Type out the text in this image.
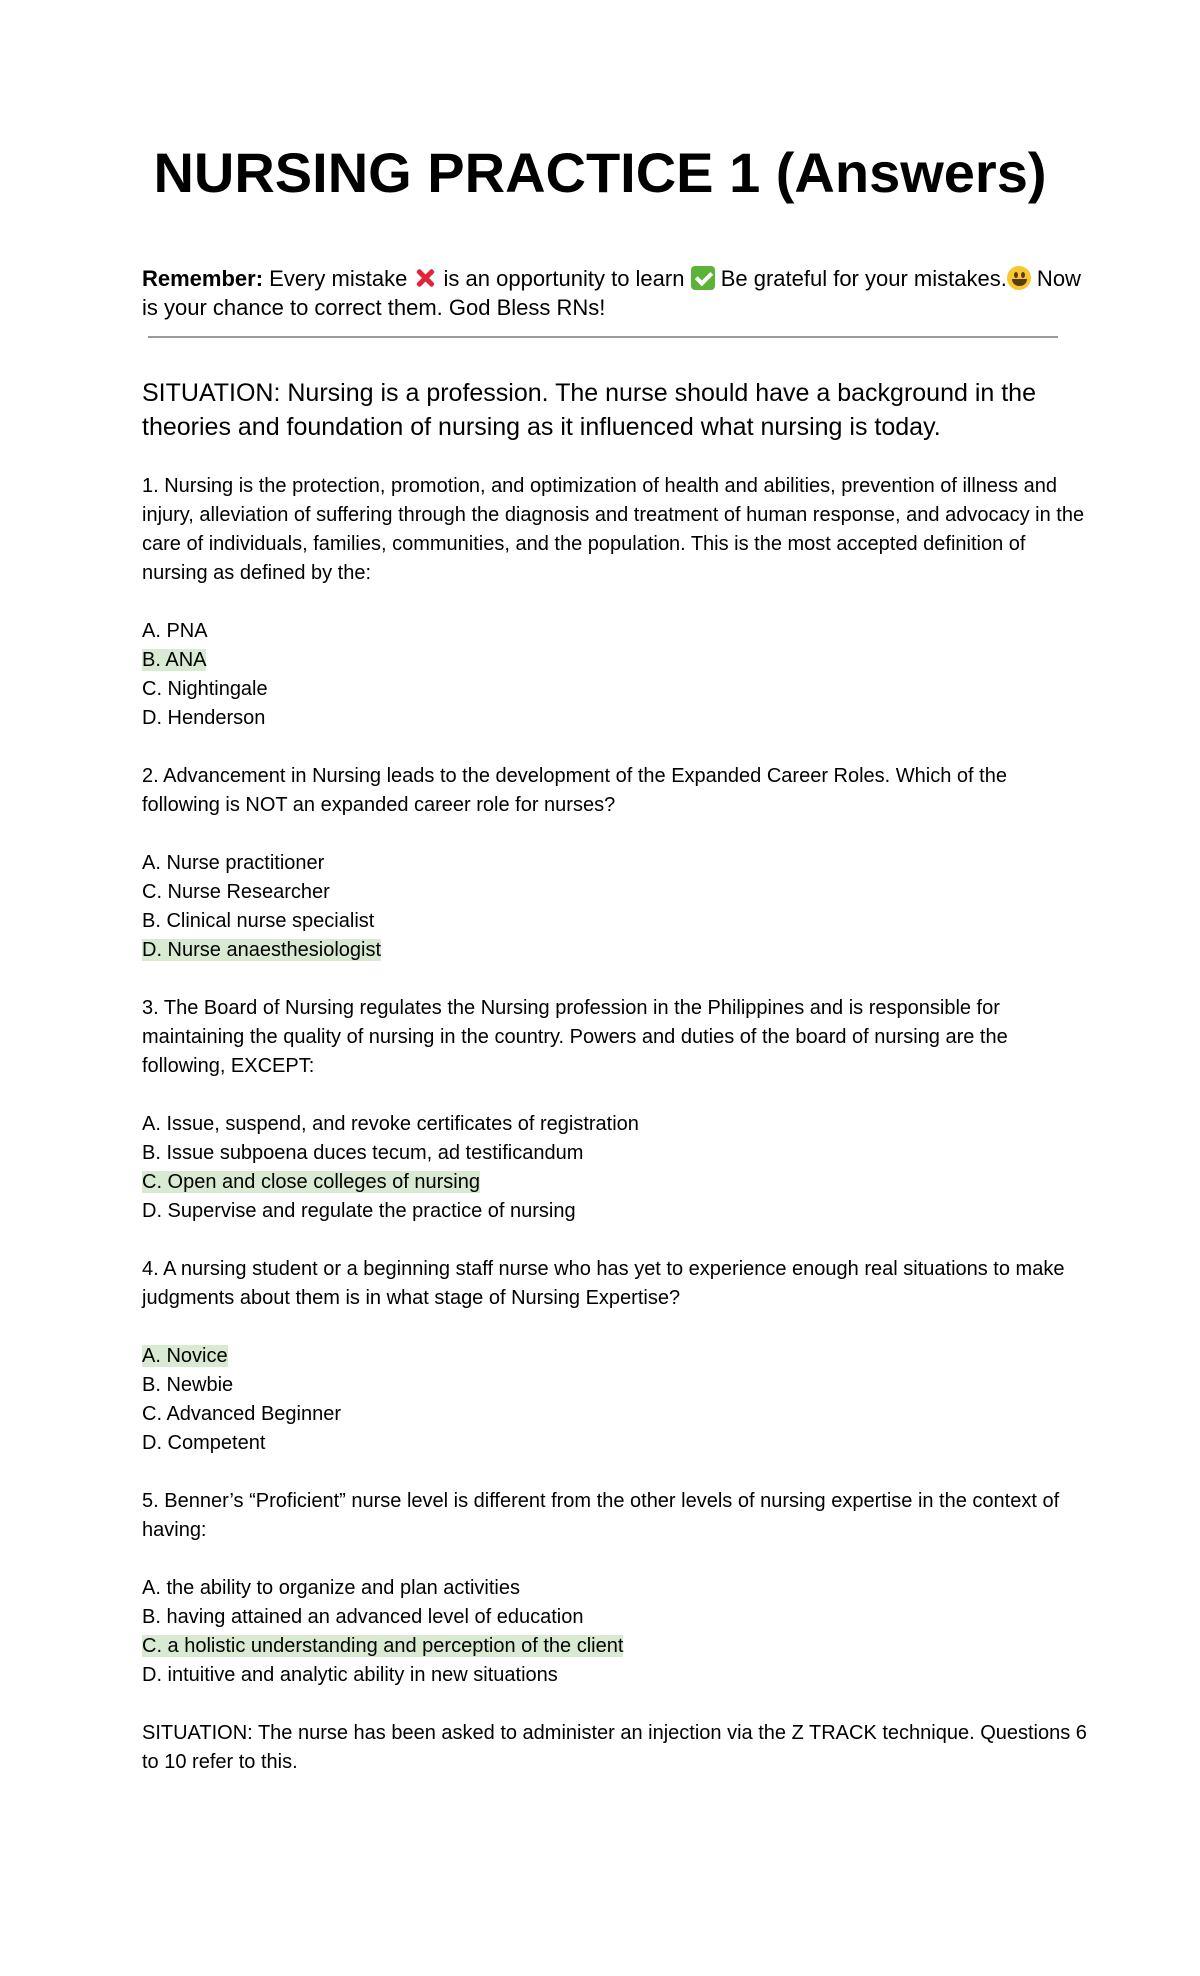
NURSING PRACTICE 1 (Answers)
Remember: Every mistake  is an opportunity to learn  Be grateful for your mistakes.
Now is your chance to correct them. God Bless RNs!
SITUATION: Nursing is a profession. The nurse should have a background in the theories and foundation of nursing as it influenced what nursing is today.
1. Nursing is the protection, promotion, and optimization of health and abilities, prevention of illness and injury, alleviation of suffering through the diagnosis and treatment of human response, and advocacy in the care of individuals, families, communities, and the population. This is the most accepted definition of nursing as defined by the:
A. PNA
B. ANA
C. Nightingale
D. Henderson
2. Advancement in Nursing leads to the development of the Expanded Career Roles. Which of the following is NOT an expanded career role for nurses?
A. Nurse practitioner
C. Nurse Researcher
B. Clinical nurse specialist
D. Nurse anaesthesiologist
3. The Board of Nursing regulates the Nursing profession in the Philippines and is responsible for maintaining the quality of nursing in the country. Powers and duties of the board of nursing are the following, EXCEPT:
A. Issue, suspend, and revoke certificates of registration
B. Issue subpoena duces tecum, ad testificandum
C. Open and close colleges of nursing
D. Supervise and regulate the practice of nursing
4. A nursing student or a beginning staff nurse who has yet to experience enough real situations to make judgments about them is in what stage of Nursing Expertise?
A. Novice
B. Newbie
C. Advanced Beginner
D. Competent
5. Benner’s “Proficient” nurse level is different from the other levels of nursing expertise in the context of having:
A. the ability to organize and plan activities
B. having attained an advanced level of education
C. a holistic understanding and perception of the client
D. intuitive and analytic ability in new situations
SITUATION: The nurse has been asked to administer an injection via the Z TRACK technique. Questions 6 to 10 refer to this.
